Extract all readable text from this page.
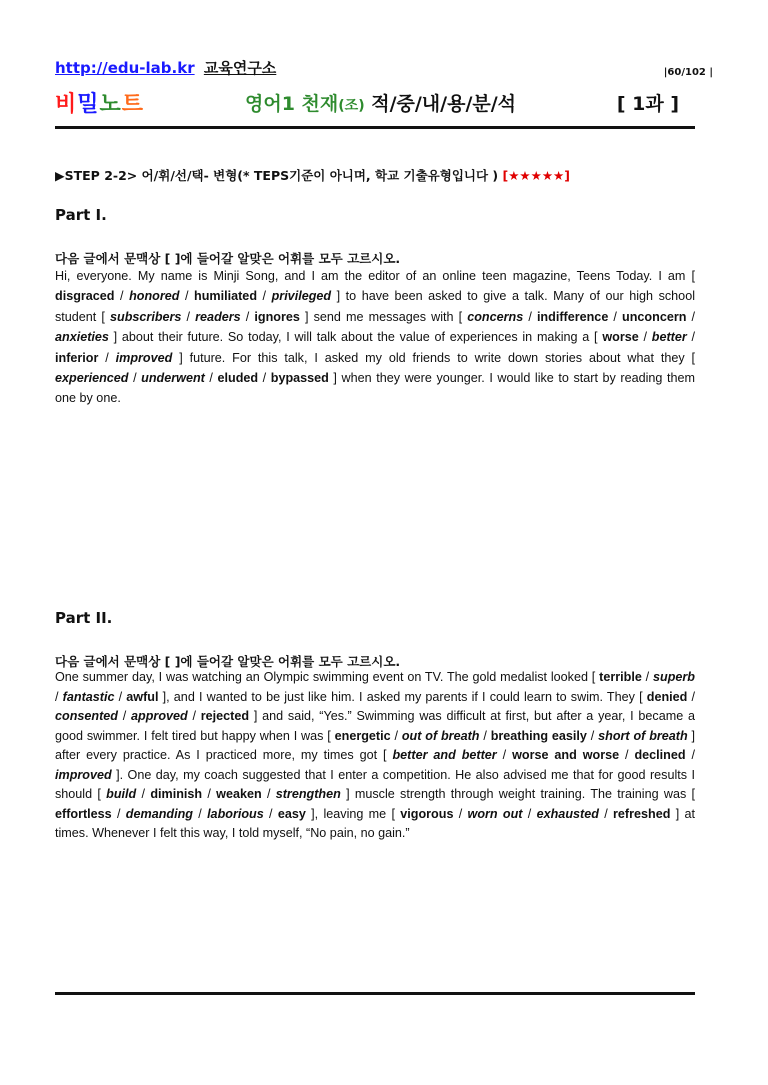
http://edu-lab.kr 교육연구소	|60/102 |
비밀노트	영어1 천재(조) 적/중/내/용/분/석	[ 1과 ]
▶STEP 2-2> 어/휘/선/택- 변형(* TEPS기준이 아니며, 학교 기출유형입니다 ) [★★★★★]
Part I.
다음 글에서 문맥상 [ ]에 들어갈 알맞은 어휘를 모두 고르시오.
Hi, everyone. My name is Minji Song, and I am the editor of an online teen magazine, Teens Today. I am [ disgraced / honored / humiliated / privileged ] to have been asked to give a talk. Many of our high school student [ subscribers / readers / ignores ] send me messages with [ concerns / indifference / unconcern / anxieties ] about their future. So today, I will talk about the value of experiences in making a [ worse / better / inferior / improved ] future. For this talk, I asked my old friends to write down stories about what they [ experienced / underwent / eluded / bypassed ] when they were younger. I would like to start by reading them one by one.
Part II.
다음 글에서 문맥상 [ ]에 들어갈 알맞은 어휘를 모두 고르시오.
One summer day, I was watching an Olympic swimming event on TV. The gold medalist looked [ terrible / superb / fantastic / awful ], and I wanted to be just like him. I asked my parents if I could learn to swim. They [ denied / consented / approved / rejected ] and said, “Yes.” Swimming was difficult at first, but after a year, I became a good swimmer. I felt tired but happy when I was [ energetic / out of breath / breathing easily / short of breath ] after every practice. As I practiced more, my times got [ better and better / worse and worse / declined / improved ]. One day, my coach suggested that I enter a competition. He also advised me that for good results I should [ build / diminish / weaken / strengthen ] muscle strength through weight training. The training was [ effortless / demanding / laborious / easy ], leaving me [ vigorous / worn out / exhausted / refreshed ] at times. Whenever I felt this way, I told myself, “No pain, no gain.”
